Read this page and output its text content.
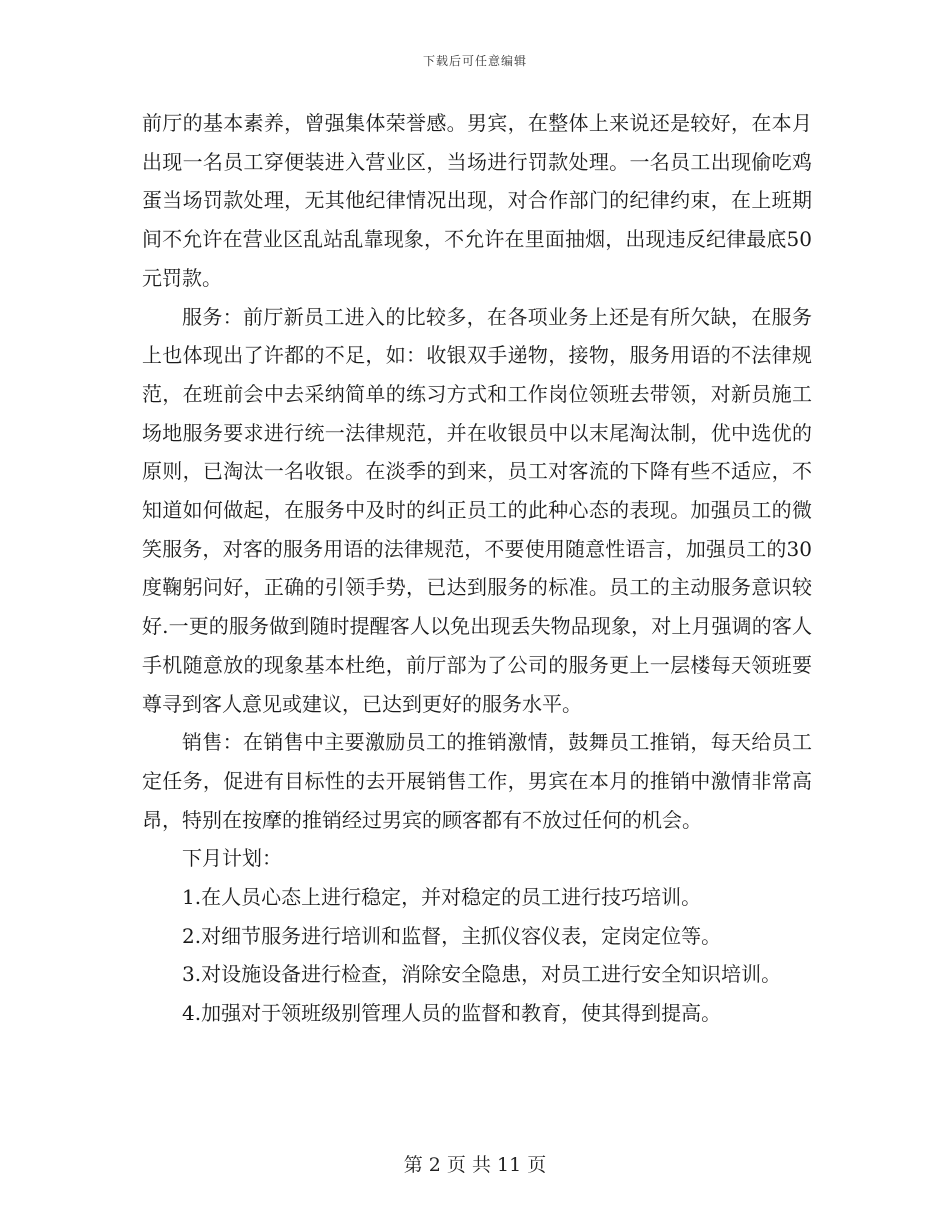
下载后可任意编辑

前厅的基本素养，曾强集体荣誉感。男宾，在整体上来说还是较好，在本月出现一名员工穿便装进入营业区，当场进行罚款处理。一名员工出现偷吃鸡蛋当场罚款处理，无其他纪律情况出现，对合作部门的纪律约束，在上班期间不允许在营业区乱站乱靠现象，不允许在里面抽烟，出现违反纪律最底50元罚款。

服务：前厅新员工进入的比较多，在各项业务上还是有所欠缺，在服务上也体现出了许都的不足，如：收银双手递物，接物，服务用语的不法律规范，在班前会中去采纳简单的练习方式和工作岗位领班去带领，对新员施工场地服务要求进行统一法律规范，并在收银员中以末尾淘汰制，优中选优的原则，已淘汰一名收银。在淡季的到来，员工对客流的下降有些不适应，不知道如何做起，在服务中及时的纠正员工的此种心态的表现。加强员工的微笑服务，对客的服务用语的法律规范，不要使用随意性语言，加强员工的30度鞠躬问好，正确的引领手势，已达到服务的标准。员工的主动服务意识较好.一更的服务做到随时提醒客人以免出现丢失物品现象，对上月强调的客人手机随意放的现象基本杜绝，前厅部为了公司的服务更上一层楼每天领班要尊寻到客人意见或建议，已达到更好的服务水平。

销售：在销售中主要激励员工的推销激情，鼓舞员工推销，每天给员工定任务，促进有目标性的去开展销售工作，男宾在本月的推销中激情非常高昂，特别在按摩的推销经过男宾的顾客都有不放过任何的机会。

下月计划：

1.在人员心态上进行稳定，并对稳定的员工进行技巧培训。

2.对细节服务进行培训和监督，主抓仪容仪表，定岗定位等。

3.对设施设备进行检查，消除安全隐患，对员工进行安全知识培训。

4.加强对于领班级别管理人员的监督和教育，使其得到提高。

第 2 页 共 11 页
